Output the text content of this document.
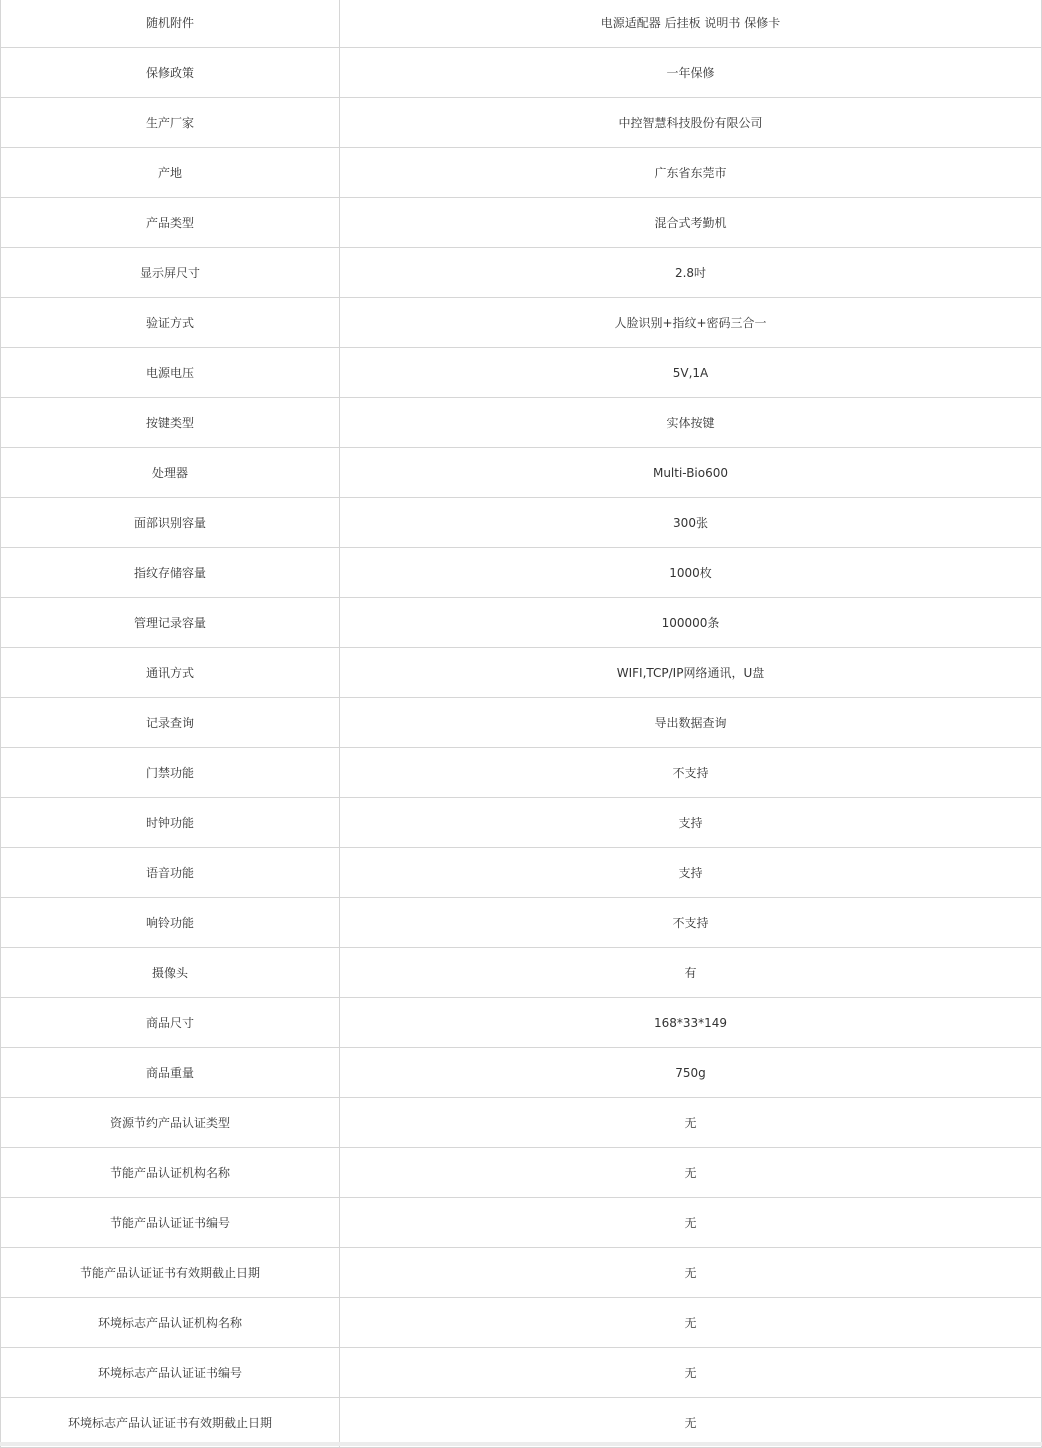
随机附件	电源适配器 后挂板 说明书 保修卡
保修政策	一年保修
生产厂家	中控智慧科技股份有限公司
产地	广东省东莞市
产品类型	混合式考勤机
显示屏尺寸	2.8吋
验证方式	人脸识别+指纹+密码三合一
电源电压	5V,1A
按键类型	实体按键
处理器	Multi-Bio600
面部识别容量	300张
指纹存储容量	1000枚
管理记录容量	100000条
通讯方式	WIFI,TCP/IP网络通讯，U盘
记录查询	导出数据查询
门禁功能	不支持
时钟功能	支持
语音功能	支持
响铃功能	不支持
摄像头	有
商品尺寸	168*33*149
商品重量	750g
资源节约产品认证类型	无
节能产品认证机构名称	无
节能产品认证证书编号	无
节能产品认证证书有效期截止日期	无
环境标志产品认证机构名称	无
环境标志产品认证证书编号	无
环境标志产品认证证书有效期截止日期	无
